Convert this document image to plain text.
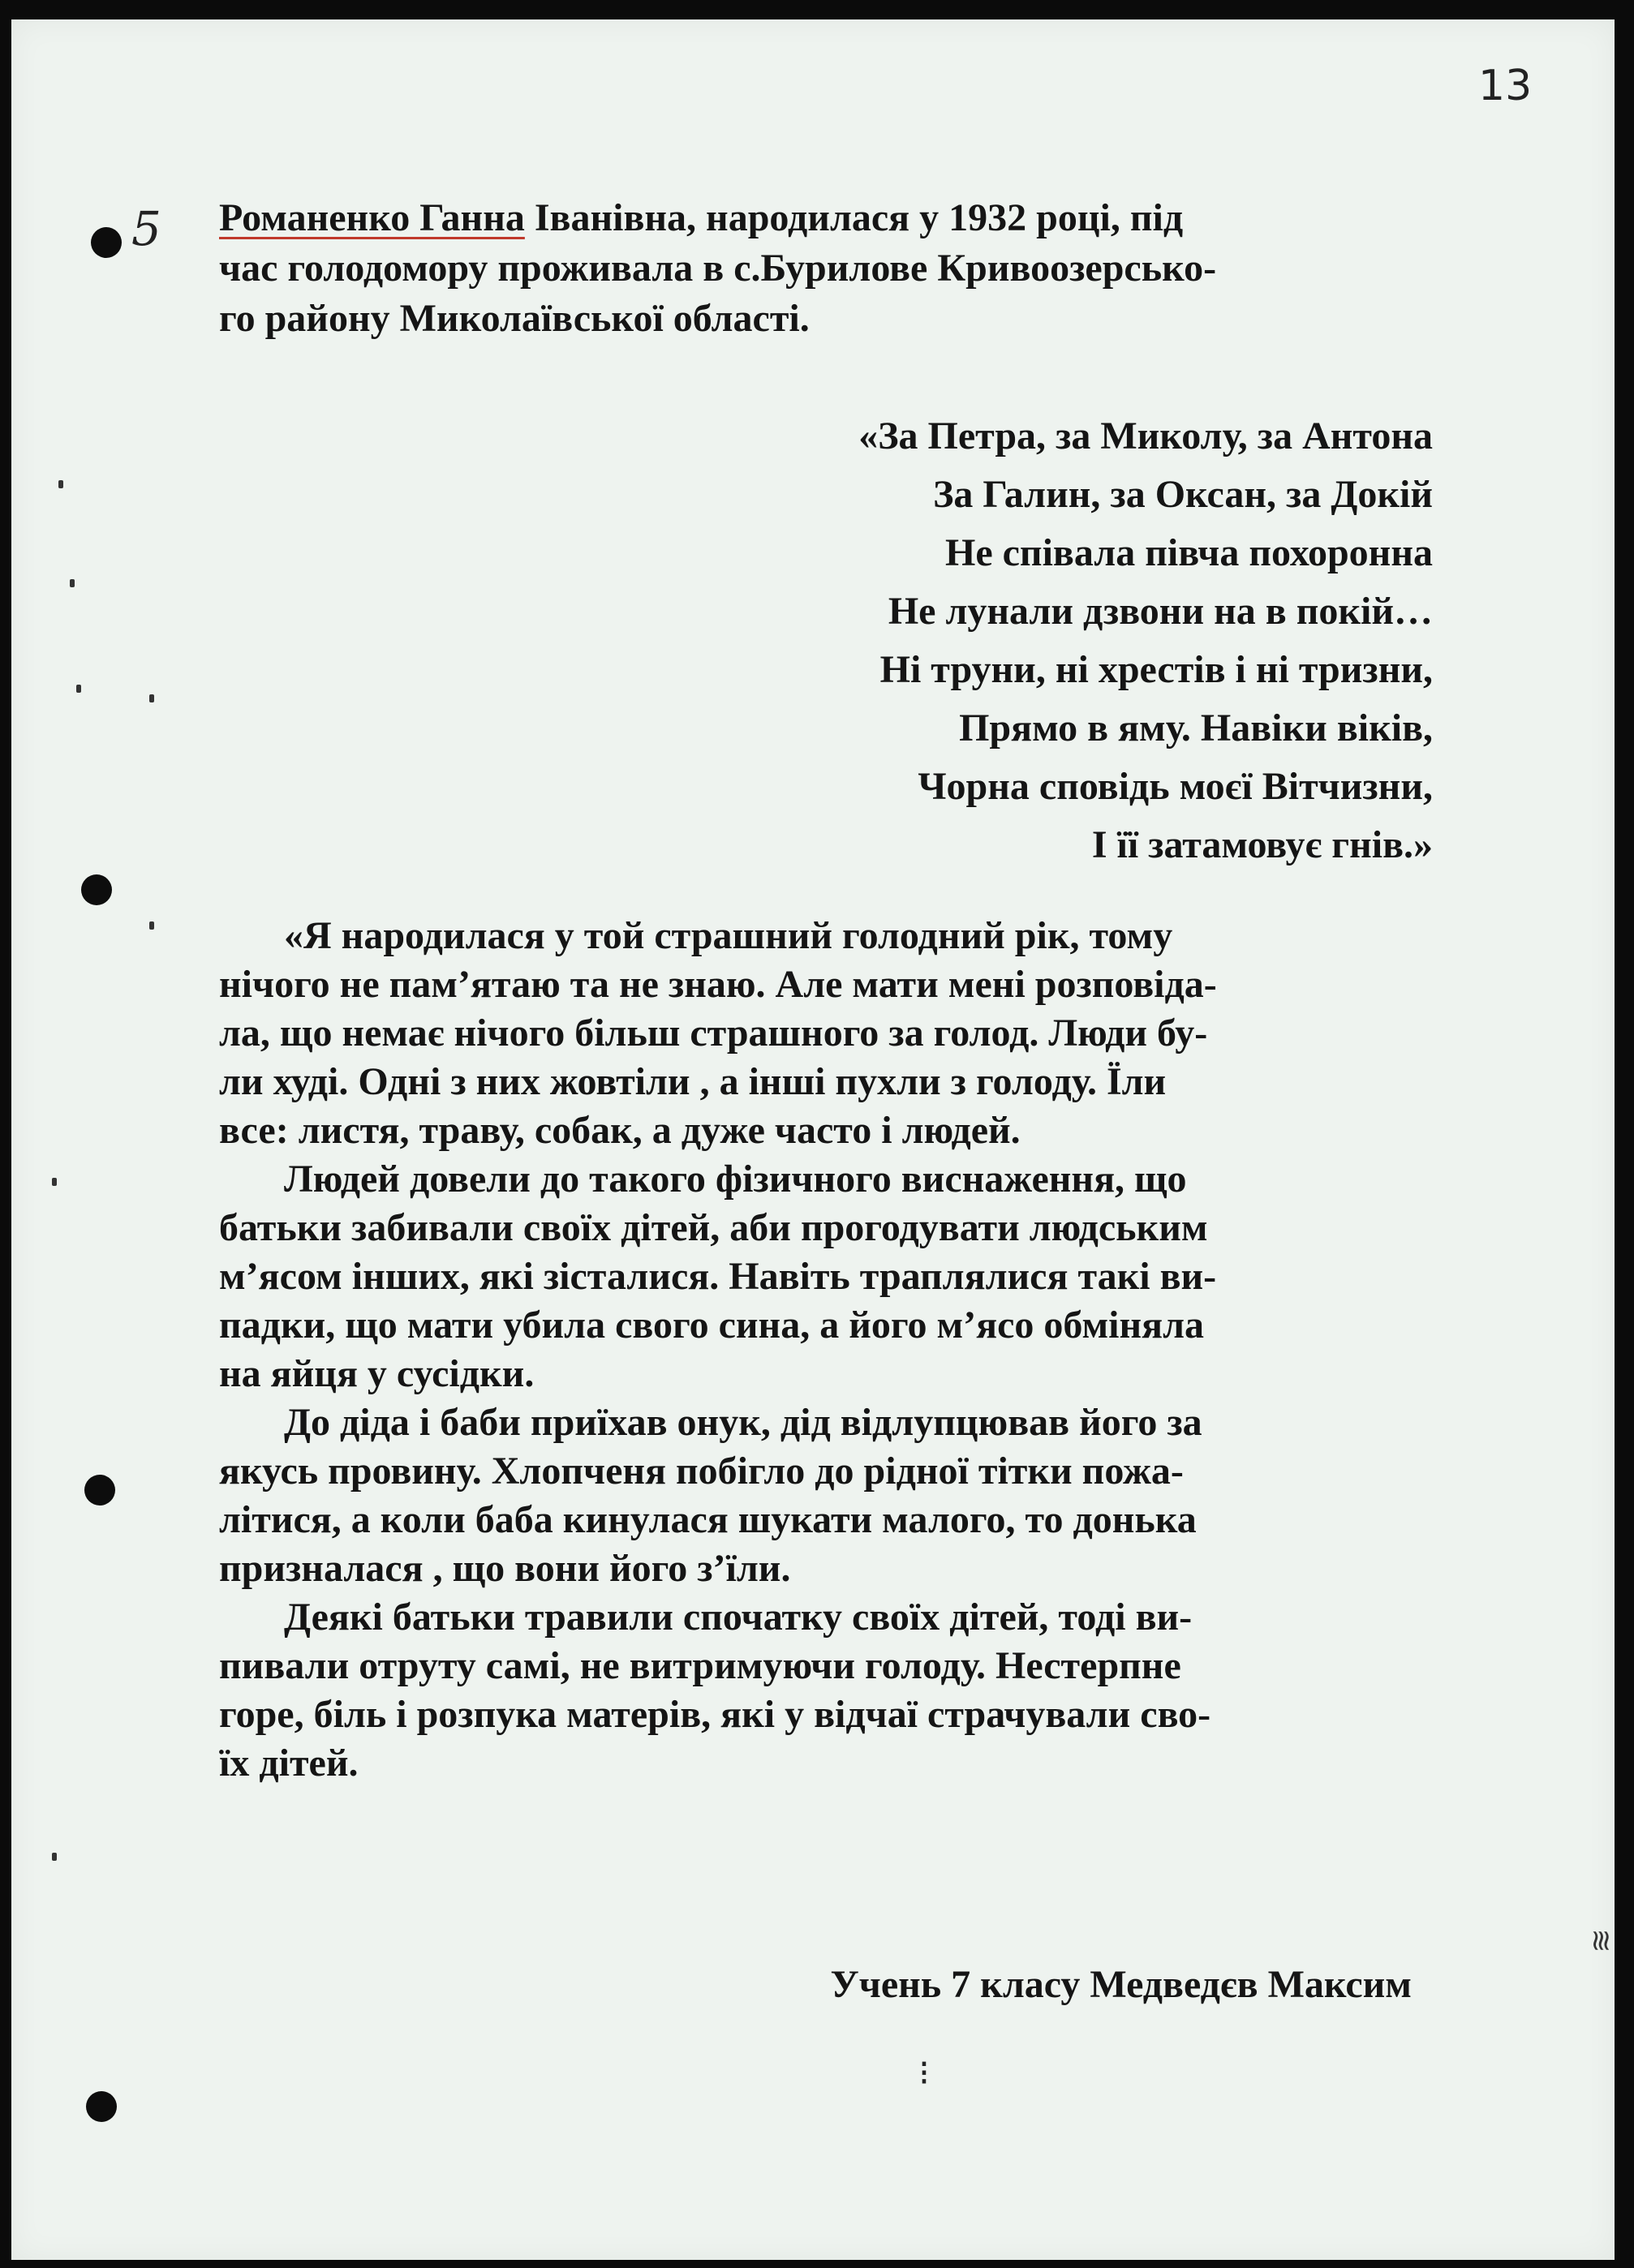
13
5 Романенко Ганна Іванівна, народилася у 1932 році, під

час голодомору проживала в с.Бурилове Кривоозерсько-

го району Миколаївської області.

«За Петра, за Миколу, за Антона
За Галин, за Оксан, за Докій
Не співала півча похоронна
Не лунали дзвони на в покій…
Ні труни, ні хрестів і ні тризни,
Прямо в яму. Навіки віків,
Чорна сповідь моєї Вітчизни,
І її затамовує гнів.»
«Я народилася у той страшний голодний рік, тому
нічого не пам’ятаю та не знаю. Але мати мені розповіда-
ла, що немає нічого більш страшного за голод. Люди бу-
ли худі. Одні з них жовтіли , а інші пухли з голоду. Їли
все: листя, траву, собак, а дуже часто і людей.
Людей довели до такого фізичного виснаження, що
батьки забивали своїх дітей, аби прогодувати людським
м’ясом інших, які зісталися. Навіть траплялися такі ви-
падки, що мати убила свого сина, а його м’ясо обміняла
на яйця у сусідки.
До діда і баби приїхав онук, дід відлупцював його за
якусь провину. Хлопченя побігло до рідної тітки пожа-
літися, а коли баба кинулася шукати малого, то донька
призналася , що вони його з’їли.
Деякі батьки травили спочатку своїх дітей, тоді ви-
пивали отруту самі, не витримуючи голоду. Нестерпне
горе, біль і розпука матерів, які у відчаї страчували сво-
їх дітей.
Учень 7 класу Медведєв Максим
⁝
≋
